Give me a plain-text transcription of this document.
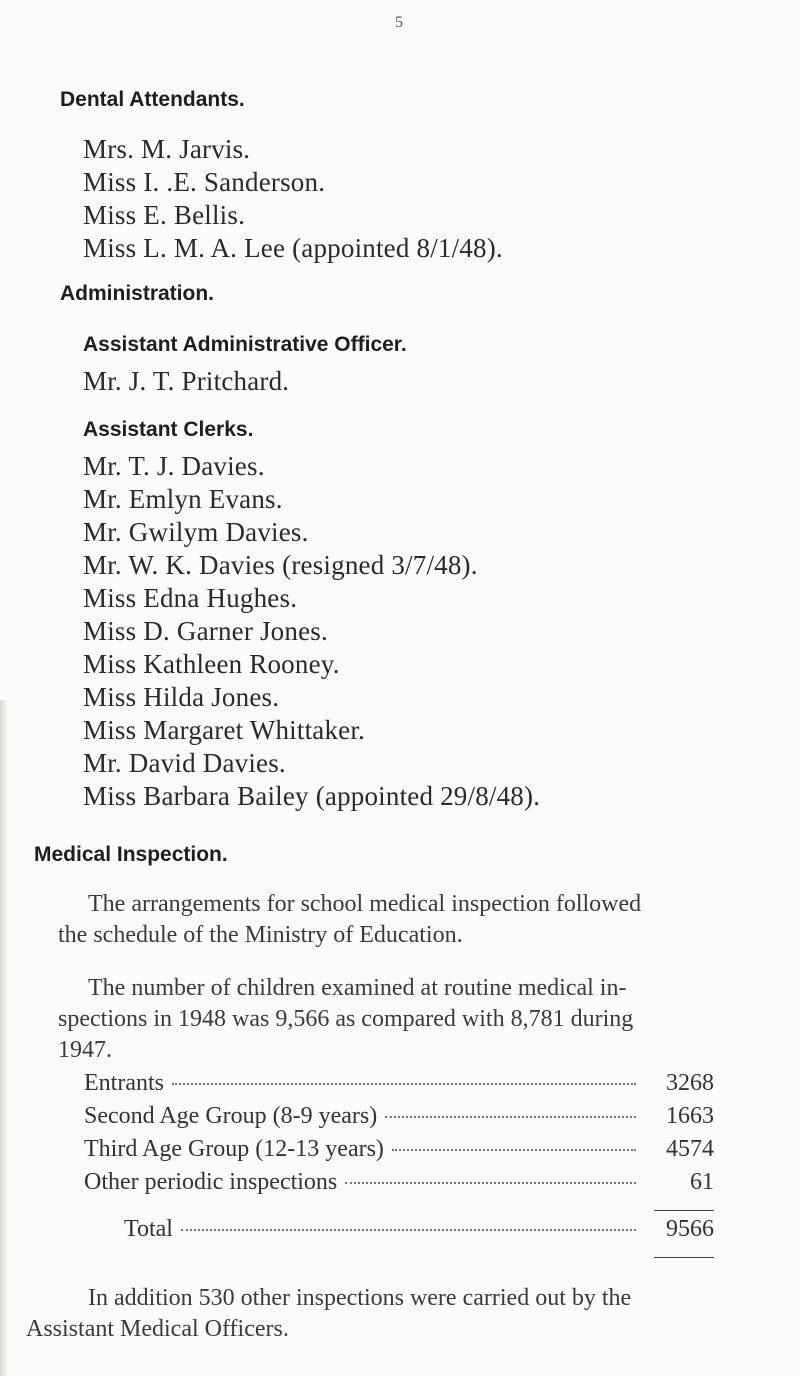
5
Dental Attendants.
Mrs. M. Jarvis.
Miss I. .E. Sanderson.
Miss E. Bellis.
Miss L. M. A. Lee (appointed 8/1/48).
Administration.
Assistant Administrative Officer.
Mr. J. T. Pritchard.
Assistant Clerks.
Mr. T. J. Davies.
Mr. Emlyn Evans.
Mr. Gwilym Davies.
Mr. W. K. Davies (resigned 3/7/48).
Miss Edna Hughes.
Miss D. Garner Jones.
Miss Kathleen Rooney.
Miss Hilda Jones.
Miss Margaret Whittaker.
Mr. David Davies.
Miss Barbara Bailey (appointed 29/8/48).
Medical Inspection.
The arrangements for school medical inspection followed
the schedule of the Ministry of Education.
The number of children examined at routine medical in-
spections in 1948 was 9,566 as compared with 8,781 during
1947.
Entrants	3268
Second Age Group (8-9 years)	1663
Third Age Group (12-13 years)	4574
Other periodic inspections	61
Total	9566
In addition 530 other inspections were carried out by the
Assistant Medical Officers.
